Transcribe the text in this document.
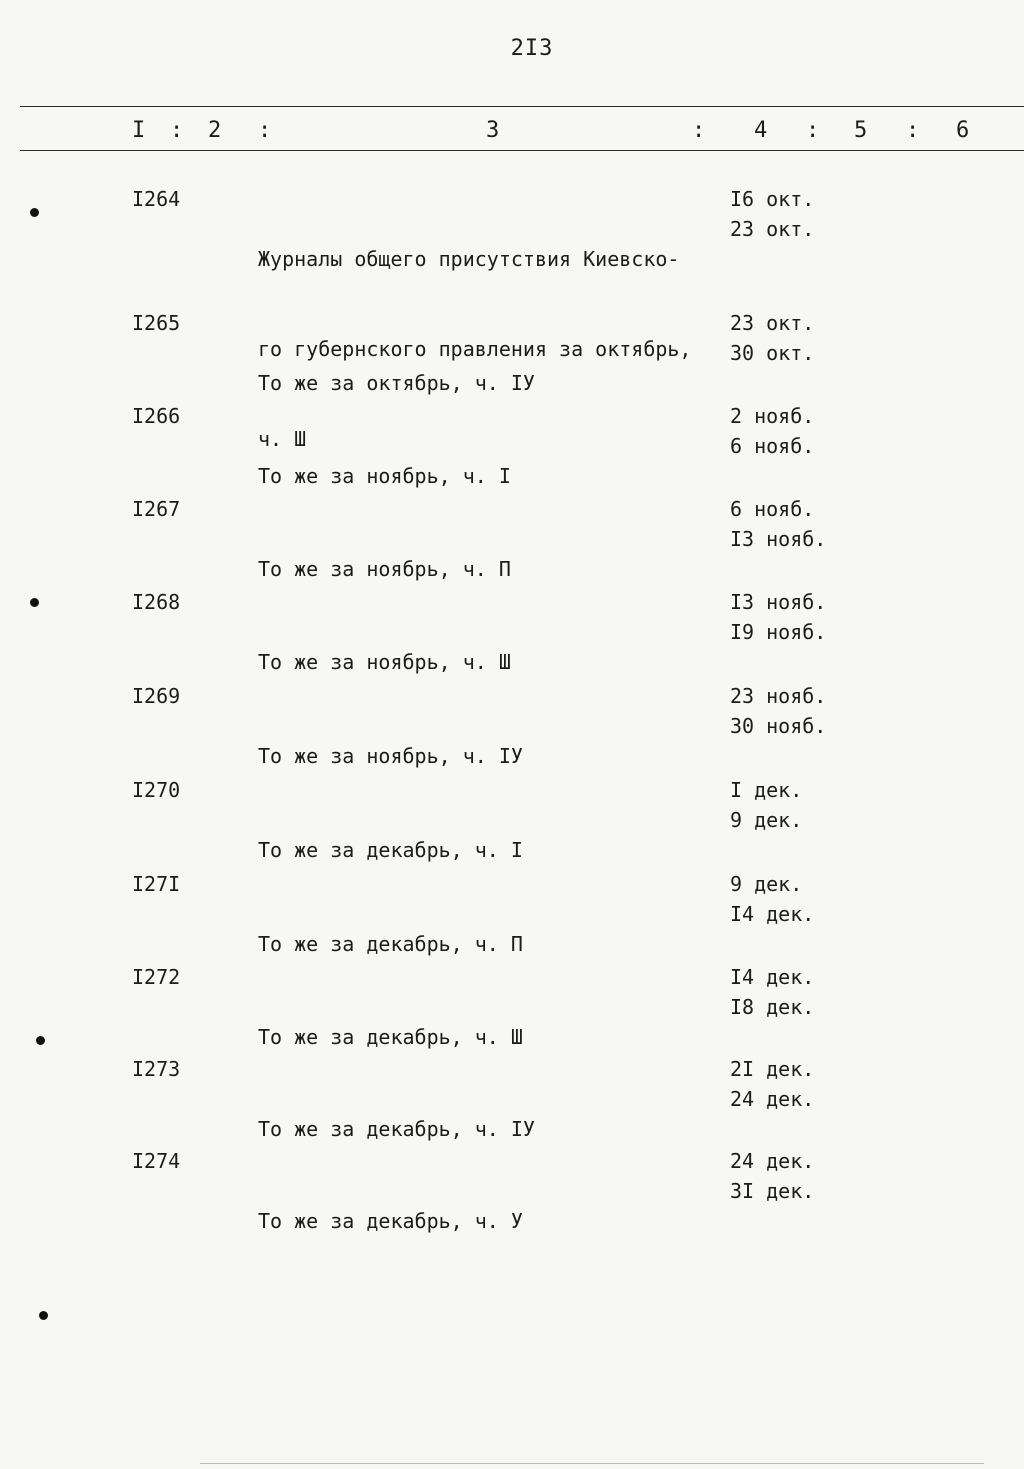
2I3
I : 2 :	3	: 4 : 5 : 6
I264

Журналы общего присутствия Киевско-

го губернского правления за октябрь,

ч. Ш

I6 окт.
23 окт.
I265

То же за октябрь, ч. IУ

23 окт.
30 окт.
I266

То же за ноябрь, ч. I

2 нояб.
6 нояб.
I267

То же за ноябрь, ч. П

6 нояб.
I3 нояб.
I268

То же за ноябрь, ч. Ш

I3 нояб.
I9 нояб.
I269

То же за ноябрь, ч. IУ

23 нояб.
30 нояб.
I270

То же за декабрь, ч. I

I дек.
9 дек.
I27I

То же за декабрь, ч. П

9 дек.
I4 дек.
I272

То же за декабрь, ч. Ш

I4 дек.
I8 дек.
I273

То же за декабрь, ч. IУ

2I дек.
24 дек.
I274

То же за декабрь, ч. У

24 дек.
3I дек.
